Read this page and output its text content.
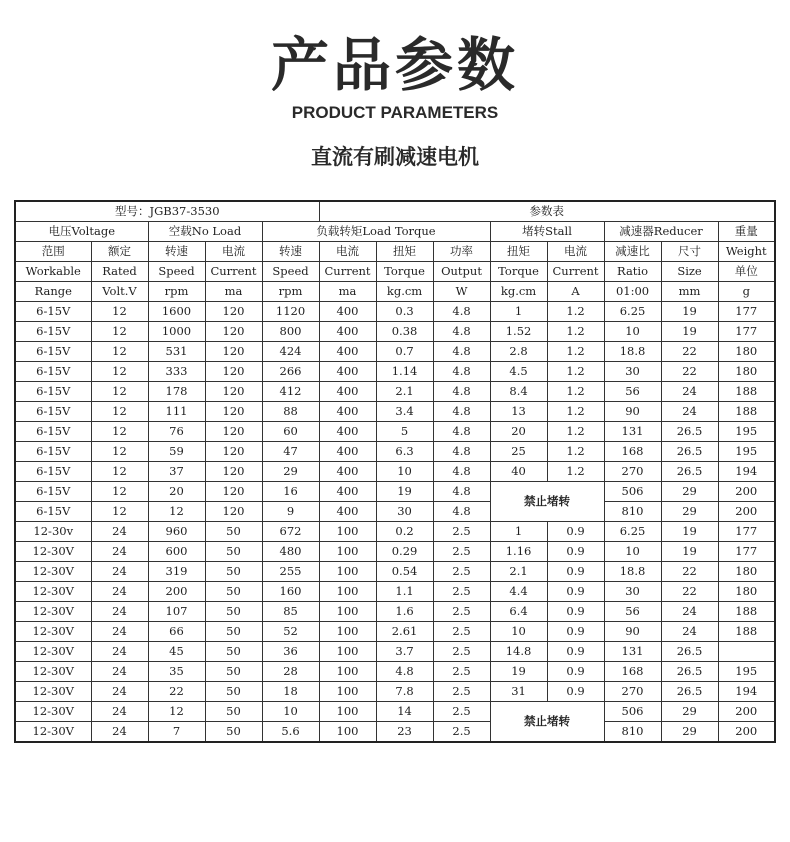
产品参数
PRODUCT PARAMETERS
直流有刷减速电机
型号：JGB37-3530					参数表							
电压Voltage		空载No Load		负载转矩Load Torque				堵转Stall		减速器Reducer		重量
范围	额定	转速	电流	转速	电流	扭矩	功率	扭矩	电流	减速比	尺寸	Weight
Workable	Rated	Speed	Current	Speed	Current	Torque	Output	Torque	Current	Ratio	Size	单位
Range	Volt.V	rpm	ma	rpm	ma	kg.cm	W	kg.cm	A	01:00	mm	g
6-15V	12	1600	120	1120	400	0.3	4.8	1	1.2	6.25	19	177
6-15V	12	1000	120	800	400	0.38	4.8	1.52	1.2	10	19	177
6-15V	12	531	120	424	400	0.7	4.8	2.8	1.2	18.8	22	180
6-15V	12	333	120	266	400	1.14	4.8	4.5	1.2	30	22	180
6-15V	12	178	120	412	400	2.1	4.8	8.4	1.2	56	24	188
6-15V	12	111	120	88	400	3.4	4.8	13	1.2	90	24	188
6-15V	12	76	120	60	400	5	4.8	20	1.2	131	26.5	195
6-15V	12	59	120	47	400	6.3	4.8	25	1.2	168	26.5	195
6-15V	12	37	120	29	400	10	4.8	40	1.2	270	26.5	194
6-15V	12	20	120	16	400	19	4.8	禁止堵转		506	29	200
6-15V	12	12	120	9	400	30	4.8			810	29	200
12-30v	24	960	50	672	100	0.2	2.5	1	0.9	6.25	19	177
12-30V	24	600	50	480	100	0.29	2.5	1.16	0.9	10	19	177
12-30V	24	319	50	255	100	0.54	2.5	2.1	0.9	18.8	22	180
12-30V	24	200	50	160	100	1.1	2.5	4.4	0.9	30	22	180
12-30V	24	107	50	85	100	1.6	2.5	6.4	0.9	56	24	188
12-30V	24	66	50	52	100	2.61	2.5	10	0.9	90	24	188
12-30V	24	45	50	36	100	3.7	2.5	14.8	0.9	131	26.5	
12-30V	24	35	50	28	100	4.8	2.5	19	0.9	168	26.5	195
12-30V	24	22	50	18	100	7.8	2.5	31	0.9	270	26.5	194
12-30V	24	12	50	10	100	14	2.5	禁止堵转		506	29	200
12-30V	24	7	50	5.6	100	23	2.5			810	29	200
